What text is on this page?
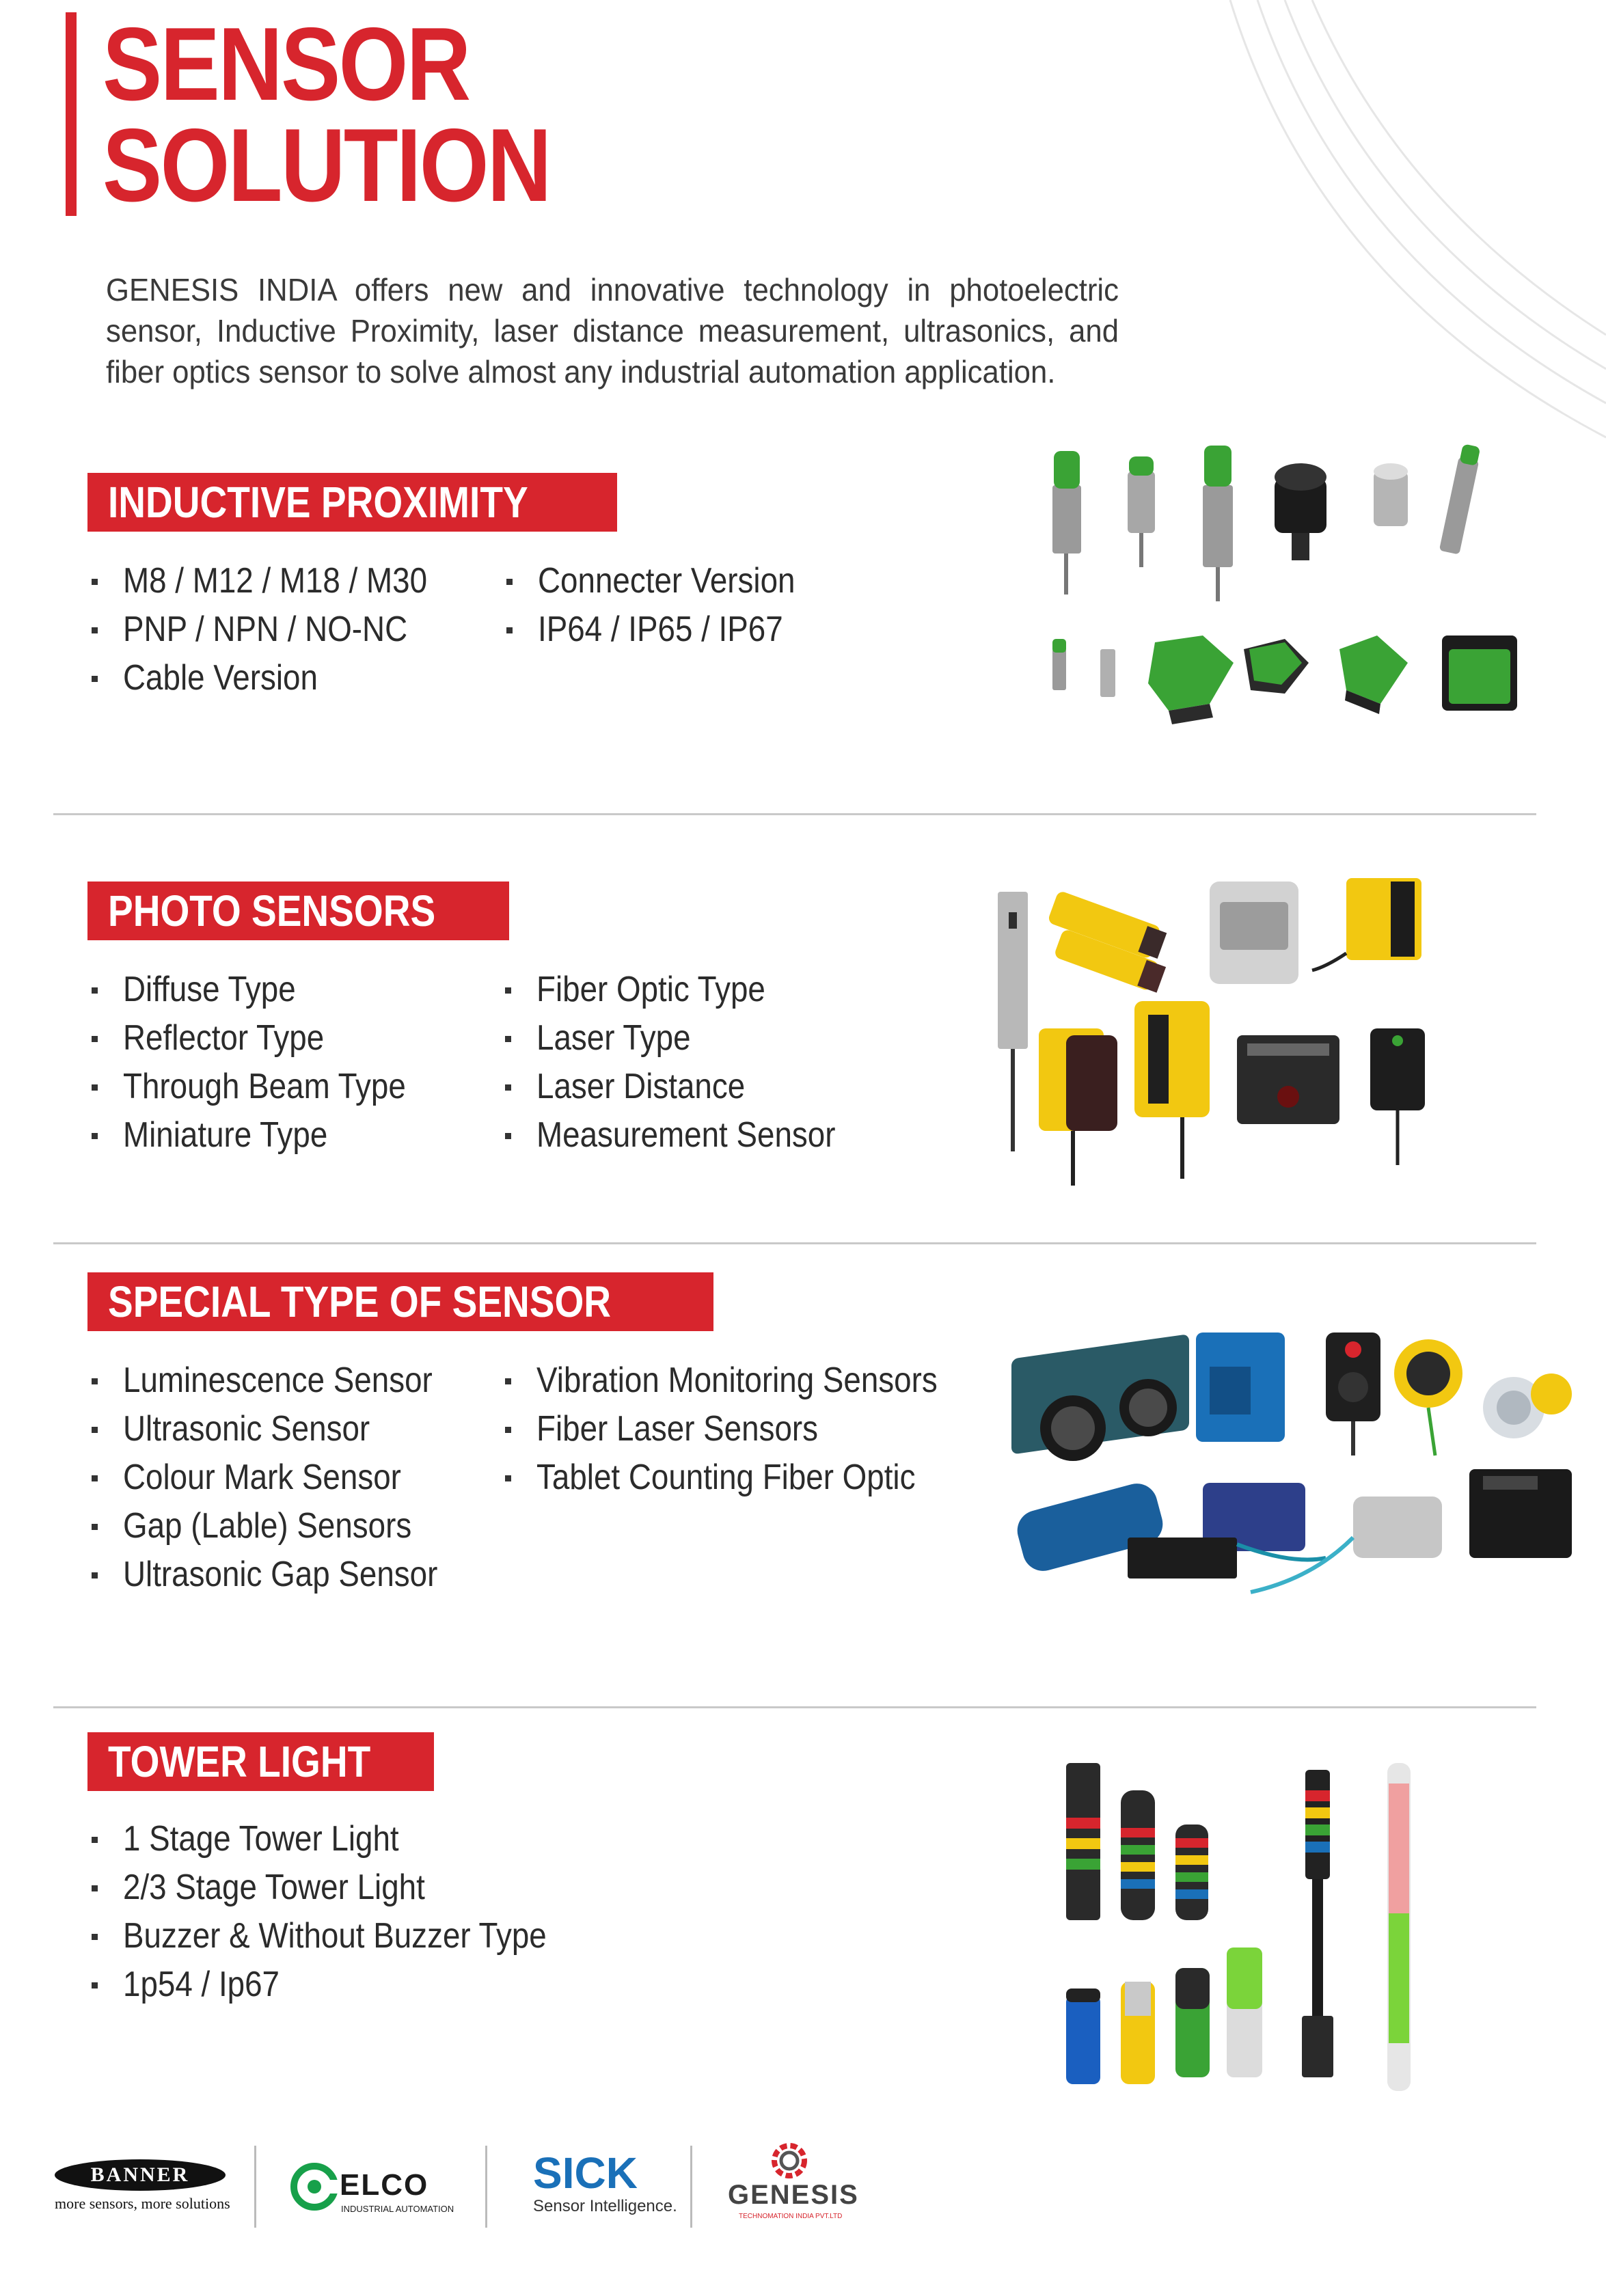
SENSOR
SOLUTION

GENESIS INDIA offers new and innovative technology in photoelectric sensor, Inductive Proximity, laser distance measurement, ultrasonics, and fiber optics sensor to solve almost any industrial automation application.

INDUCTIVE PROXIMITY
M8 / M12 / M18 / M30
PNP / NPN / NO-NC
Cable Version
Connecter Version
IP64 / IP65 / IP67
PHOTO SENSORS
Diffuse Type
Reflector Type
Through Beam Type
Miniature Type
Fiber Optic Type
Laser Type
Laser Distance
Measurement Sensor
SPECIAL TYPE OF SENSOR
Luminescence Sensor
Ultrasonic Sensor
Colour Mark Sensor
Gap (Lable) Sensors
Ultrasonic Gap Sensor
Vibration Monitoring Sensors
Fiber Laser Sensors
Tablet Counting Fiber Optic
TOWER LIGHT
1 Stage Tower Light
2/3 Stage Tower Light
Buzzer & Without Buzzer Type
1p54 / Ip67
BANNER
more sensors, more solutions
ELCO
INDUSTRIAL AUTOMATION
SICK
Sensor Intelligence.	GENESIS
TECHNOMATION INDIA PVT.LTD
